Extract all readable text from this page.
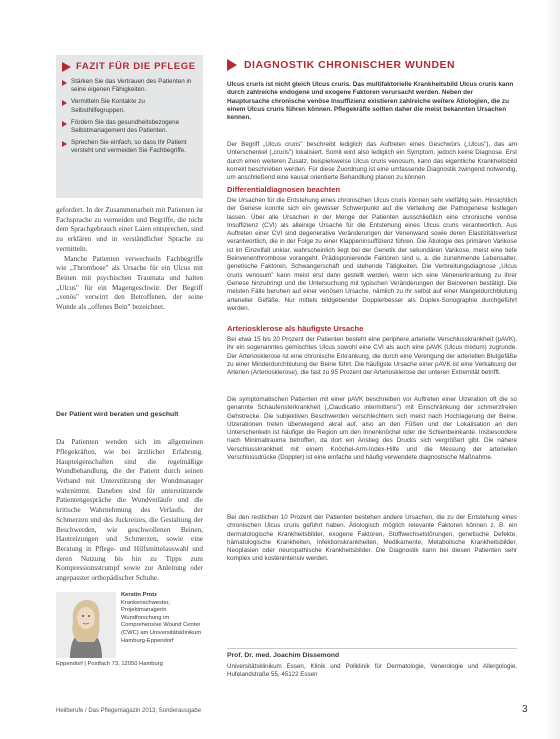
FAZIT FÜR DIE PFLEGE
Stärken Sie das Vertrauen des Patienten in seine eigenen Fähigkeiten.
Vermitteln Sie Kontakte zu Selbsthilfegruppen.
Fördern Sie das gesundheitsbezogene Selbstmanagement des Patienten.
Sprechen Sie einfach, so dass Ihr Patient versteht und vermeiden Sie Fachbegriffe.

gefordert. In der Zusammenarbeit mit Patienten ist Fachsprache zu vermeiden und Begriffe, die nicht dem Sprachgebrauch einer Laien entsprechen, sind zu erklären und in verständlicher Sprache zu vermitteln.

Manche Patienten verwechseln Fachbegriffe wie „Thrombose" als Ursache für ein Ulcus mit Beinen mit psychischen Traumata und halten „Ulcus" für ein Magengeschwür. Der Begriff „venös" verwirrt den Betroffenen, der seine Wunde als „offenes Bein" bezeichnet.

Der Patient wird beraten und geschult

Da Patienten wenden sich im allgemeinen Pflegekräften, wie bei ärztlicher Erfahrung. Haupteigenschaften sind die regelmäßige Wundbehandlung, die der Patient durch seinen Verband mit Unterstützung der Wundmanager wahrnimmt. Daneben sind für unterstützende Patientengespräche die Wundverläufe und die kritische Wahrnehmung des Verlaufs, der Schmerzen und des Juckreizes, die Gestaltung der Beschwerden, wie geschwollenen Beinen, Hautreizungen und Schmerzen, sowie eine Beratung in Pflege- und Hilfsmittelauswahl und deren Nutzung bis hin zu Tipps zum Kompressionsstrumpf sowie zur Anleitung oder angepasster orthopädischer Schuhe.

Kerstin Protz
Krankenschwester, Projektmanagerin Wundforschung im Comprehensive Wound Center (CWC) am Universitätsklinikum Hamburg-Eppendorf
Eppendorf | Postfach 73, 12050 Hamburg
DIAGNOSTIK CHRONISCHER WUNDEN
Ulcus cruris ist nicht gleich Ulcus cruris. Das multifaktorielle Krankheitsbild Ulcus cruris kann durch zahlreiche endogene und exogene Faktoren verursacht werden. Neben der Hauptursache chronische venöse Insuffizienz existieren zahlreiche weitere Ätiologien, die zu einem Ulcus cruris führen können. Pflegekräfte sollten daher die meist bekannten Ursachen kennen.

Der Begriff „Ulcus cruris" beschreibt lediglich das Auftreten eines Geschwürs („Ulcus"), das am Unterschenkel („cruris") lokalisiert. Somit wird also lediglich ein Symptom, jedoch keine Diagnose. Erst durch einen weiteren Zusatz, beispielsweise Ulcus cruris venosum, kann das eigentliche Krankheitsbild korrekt beschrieben werden. Für diese Zuordnung ist eine umfassende Diagnostik zwingend notwendig, um anschließend eine kausal orientierte Behandlung planen zu können.

Differentialdiagnosen beachten

Die Ursachen für die Entstehung eines chronischen Ulcus cruris können sehr vielfältig sein. Hinsichtlich der Genese konnte sich ein gewisser Schwerpunkt auf die Verteilung der Pathogenese festlegen lassen. Über alle Ursachen in der Menge der Patienten ausschließlich eine chronische venöse Insuffizienz (CVI) als alleinige Ursache für die Entstehung eines Ulcus cruris verantwortlich. Aus Auftreten einer CVI sind degenerative Veränderungen der Venenwand sowie deren Elastizitätsverlust verantwortlich, die in der Folge zu einer Klappeninsuffizienz führen. Die Ätiologie des primären Varikose ist im Einzelfall unklar, wahrscheinlich liegt bei der Genetik der sekundären Varikose, meist eine tiefe Beinvenenthrombose vorangeht. Prädisponierende Faktoren sind u. a. die zunehmende Lebensalter, genetische Faktoren, Schwangerschaft und stehende Tätigkeiten. Die Verbreitungsdiagnose „Ulcus cruris venosum" kann meist erst dann gestellt werden, wenn sich eine Venenerkrankung zu ihrer Genese hinzubringt und die Untersuchung mit typischen Veränderungen der Beinvenen bestätigt. Die meisten Fälle beruhen auf einer venösen Ursache, nämlich zu ihr selbst auf einer Mangeldurchblutung arterieller Gefäße. Nur mittels bildgebender Dopplerbesser als Duplex-Sonographie durchgeführt werden.

Arteriosklerose als häufigste Ursache

Bei etwa 15 bis 20 Prozent der Patienten besteht eine periphere arterielle Verschlusskrankheit (pAVK), ihr ein sogenanntes gemischtes Ulcus sowohl eine CVI als auch eine pAVK (Ulcus mixtum) zugrunde. Der Arteriosklerose ist eine chronische Erkrankung, die durch eine Verengung der arteriellen Blutgefäße zu einer Minderdurchblutung der Beine führt. Die häufigste Ursache einer pAVK ist eine Verkalkung der Arterien (Arteriosklerose), die fast zu 95 Prozent der Arteriosklerose der unteren Extremität betrifft.

Die symptomatischen Patienten mit einer pAVK beschreiben vor Auftreten einer Ulzeration oft die so genannte Schaufensterkrankheit („Claudicatio intermittens") mit Einschränkung der schmerzfreien Gehstrecke. Die subjektiven Beschwerden verschlechtern sich meist nach Hochlagerung der Beine. Ulzerationen treten überwiegend akral auf, also an den Füßen und der Lokalisation an den Unterschenkeln ist häufiger die Region um den Innenknöchel oder die Schienbeinkante. Insbesondere nach Minimaltrauma betroffen, da dort ein Anstieg des Drucks sich vergrößert gibt. Die nähere Verschlusskrankheit mit einem Knöchel-Arm-Index-Hilfe und die Messung der arteriellen Verschlussdrücke (Doppler) ist eine einfache und häufig verwendete diagnostische Maßnahme.

Bei den restlichen 10 Prozent der Patienten bestehen andere Ursachen, die zu der Entstehung eines chronischen Ulcus cruris geführt haben. Ätiologisch möglich relevante Faktoren können z. B. ein dermatologische Krankheitsbilder, exogene Faktoren, Stoffwechselstörungen, genetische Defekte, hämatologische Krankheiten, Infektionskrankheiten, Medikamente, Metabolische Krankheitsbilder, Neoplasien oder neuropathische Krankheitsbilder. Die Diagnostik kann bei diesen Patienten sehr komplex und kostenintensiv werden.

Prof. Dr. med. Joachim Dissemond
Universitätsklinikum Essen, Klinik und Poliklinik für Dermatologie, Venerologie und Allergologie, Hufelandstraße 55, 45122 Essen
Heilberufe / Das Pflegemagazin 2013; Sonderausgabe	3
